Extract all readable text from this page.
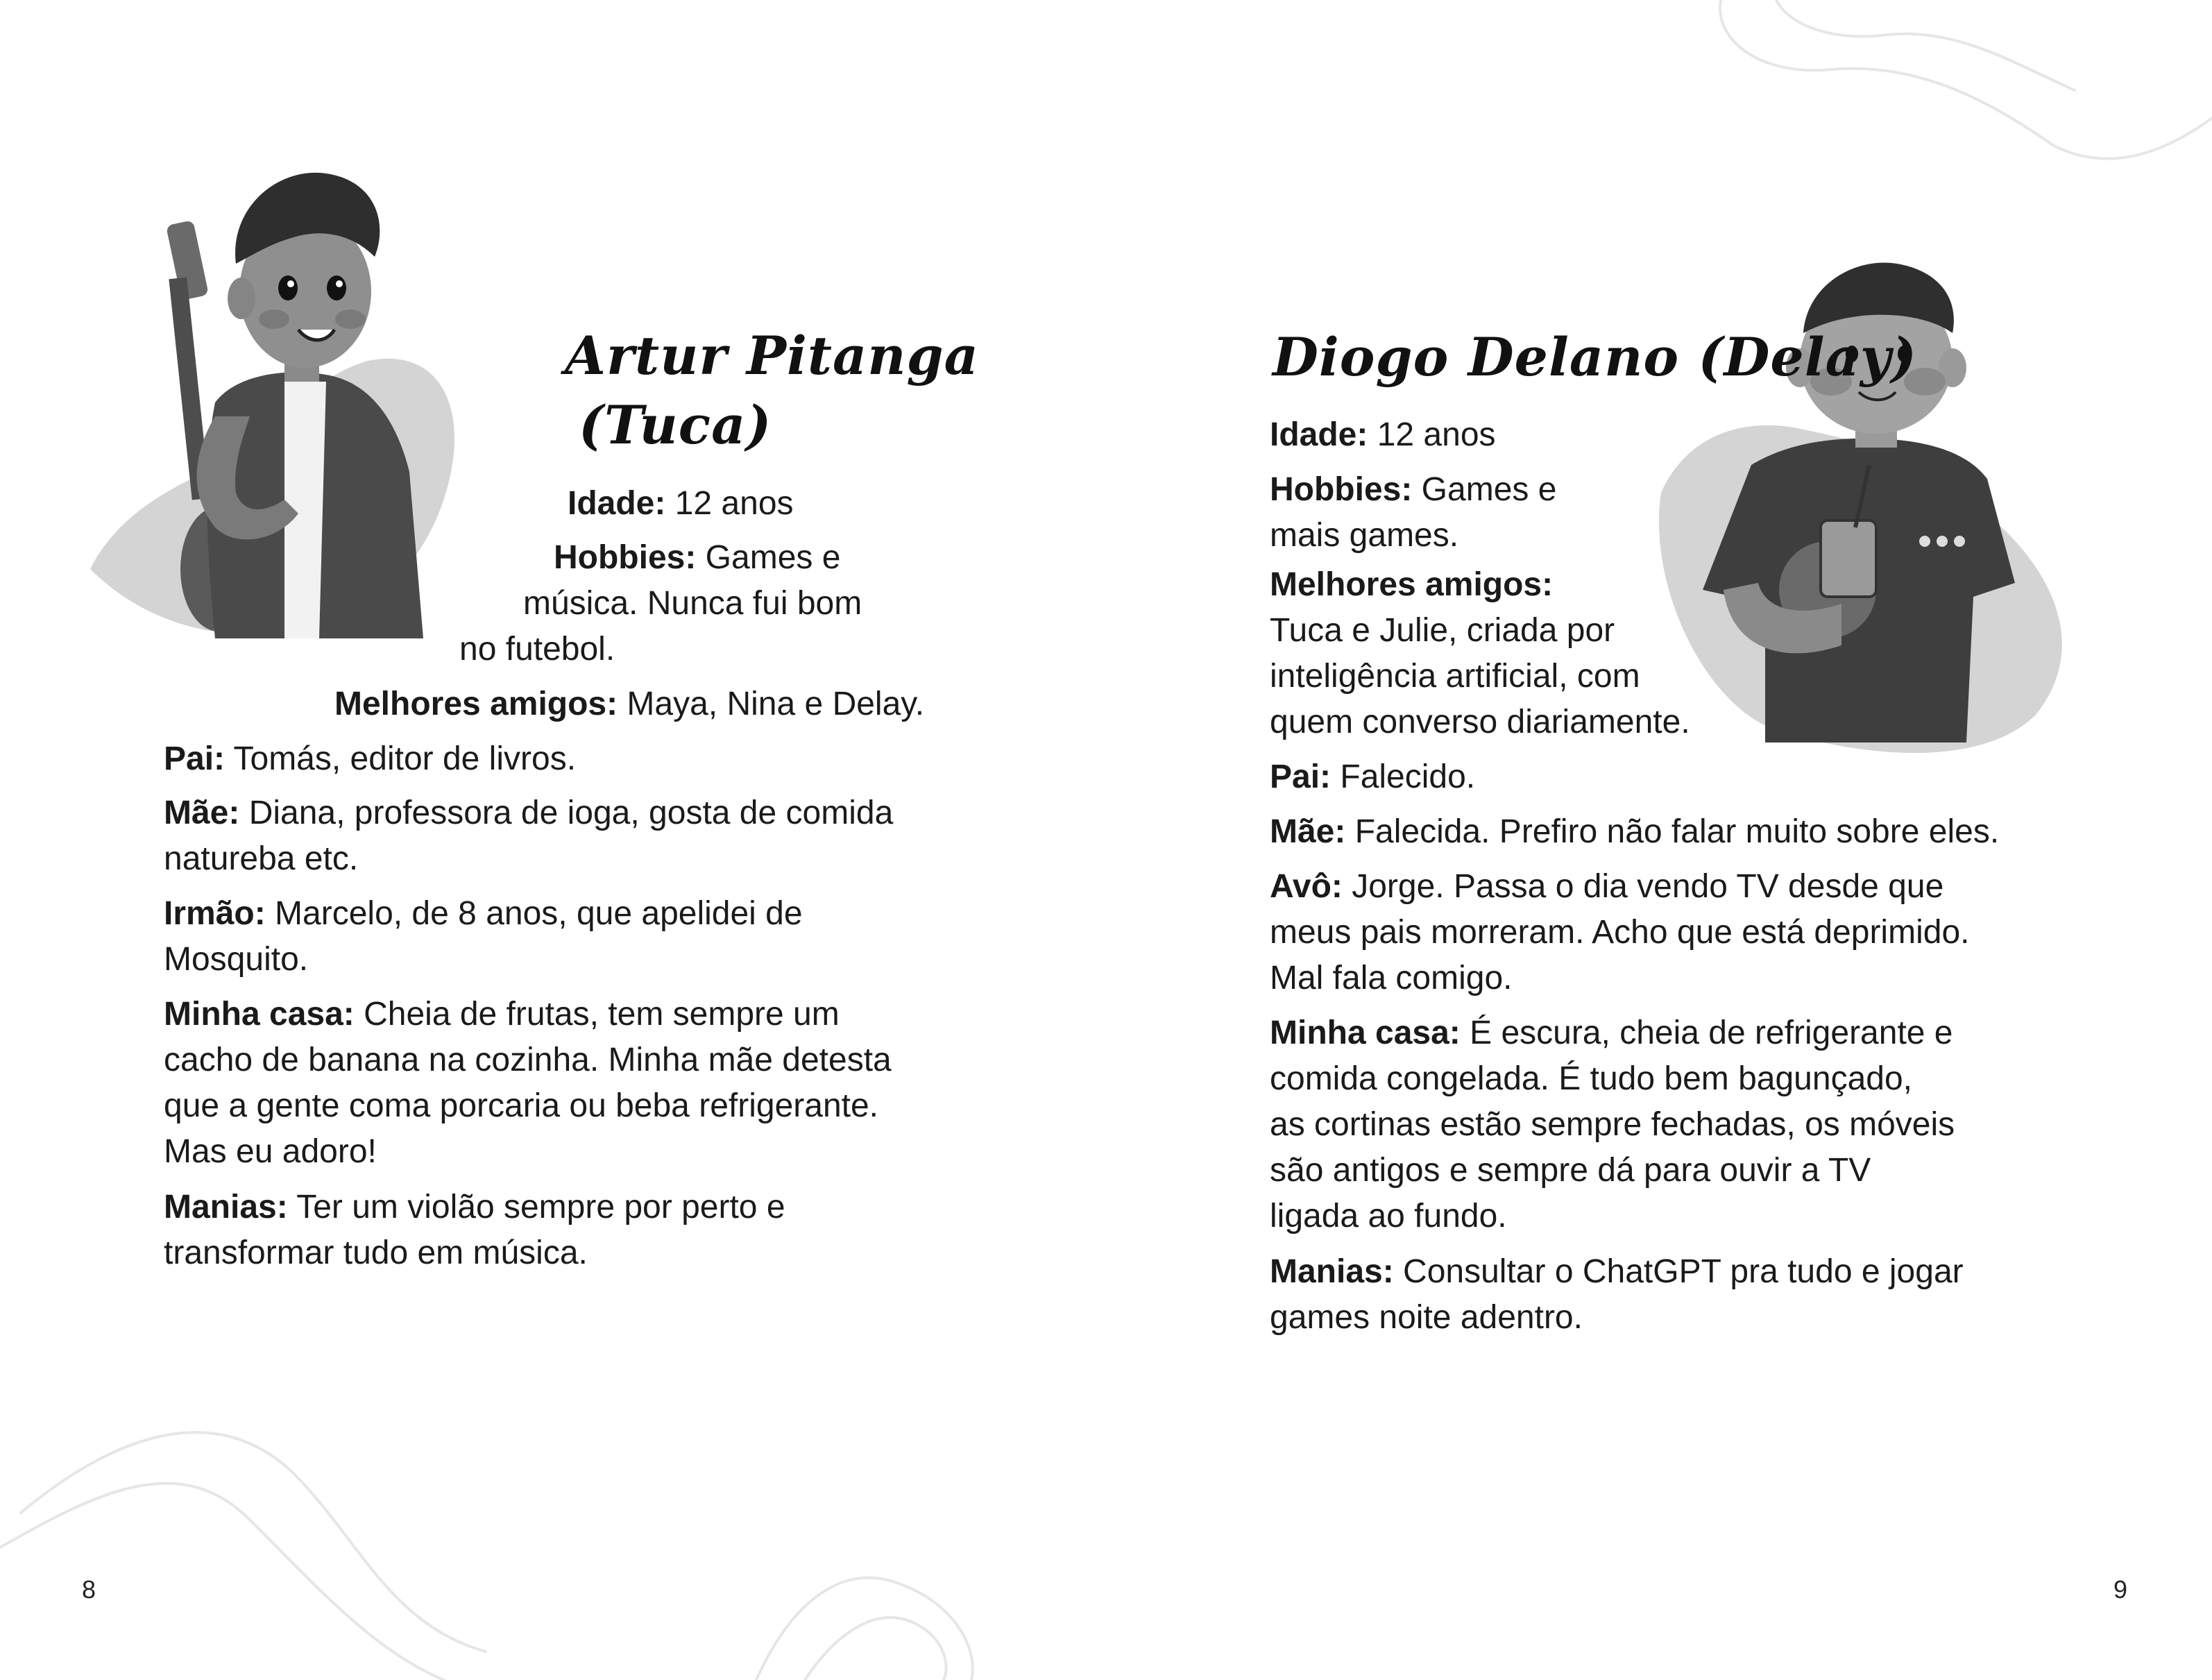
Artur Pitanga
(Tuca)

Idade: 12 anos

Hobbies: Games e

música. Nunca fui bom

no futebol.

Melhores amigos: Maya, Nina e Delay.

Pai: Tomás, editor de livros.

Mãe: Diana, professora de ioga, gosta de comida

natureba etc.

Irmão: Marcelo, de 8 anos, que apelidei de

Mosquito.

Minha casa: Cheia de frutas, tem sempre um

cacho de banana na cozinha. Minha mãe detesta

que a gente coma porcaria ou beba refrigerante.

Mas eu adoro!

Manias: Ter um violão sempre por perto e

transformar tudo em música.

8
Diogo Delano (Delay)

Idade: 12 anos

Hobbies: Games e

mais games.

Melhores amigos:

Tuca e Julie, criada por

inteligência artificial, com

quem converso diariamente.

Pai: Falecido.

Mãe: Falecida. Prefiro não falar muito sobre eles.

Avô: Jorge. Passa o dia vendo TV desde que

meus pais morreram. Acho que está deprimido.

Mal fala comigo.

Minha casa: É escura, cheia de refrigerante e

comida congelada. É tudo bem bagunçado,

as cortinas estão sempre fechadas, os móveis

são antigos e sempre dá para ouvir a TV

ligada ao fundo.

Manias: Consultar o ChatGPT pra tudo e jogar

games noite adentro.

9
